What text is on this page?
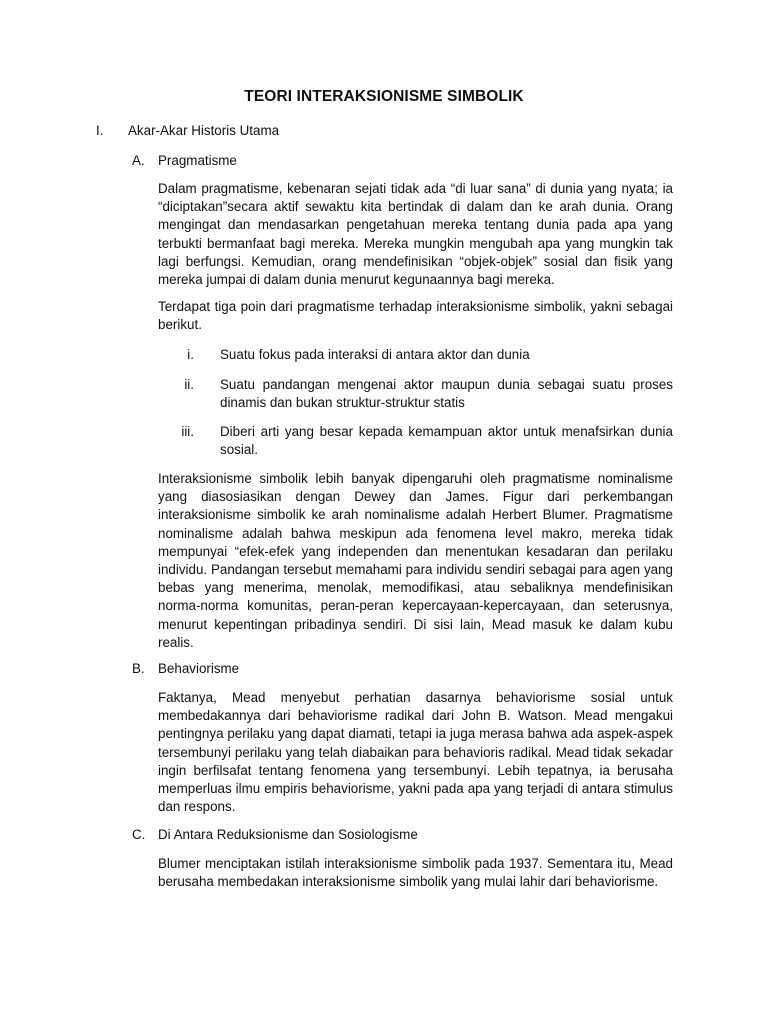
TEORI INTERAKSIONISME SIMBOLIK
I. Akar-Akar Historis Utama
A. Pragmatisme

Dalam pragmatisme, kebenaran sejati tidak ada “di luar sana” di dunia yang nyata; ia “diciptakan”secara aktif sewaktu kita bertindak di dalam dan ke arah dunia. Orang mengingat dan mendasarkan pengetahuan mereka tentang dunia pada apa yang terbukti bermanfaat bagi mereka. Mereka mungkin mengubah apa yang mungkin tak lagi berfungsi. Kemudian, orang mendefinisikan “objek-objek” sosial dan fisik yang mereka jumpai di dalam dunia menurut kegunaannya bagi mereka.

Terdapat tiga poin dari pragmatisme terhadap interaksionisme simbolik, yakni sebagai berikut.

i. Suatu fokus pada interaksi di antara aktor dan dunia
ii. Suatu pandangan mengenai aktor maupun dunia sebagai suatu proses dinamis dan bukan struktur-struktur statis
iii. Diberi arti yang besar kepada kemampuan aktor untuk menafsirkan dunia sosial.

Interaksionisme simbolik lebih banyak dipengaruhi oleh pragmatisme nominalisme yang diasosiasikan dengan Dewey dan James. Figur dari perkembangan interaksionisme simbolik ke arah nominalisme adalah Herbert Blumer. Pragmatisme nominalisme adalah bahwa meskipun ada fenomena level makro, mereka tidak mempunyai “efek-efek yang independen dan menentukan kesadaran dan perilaku individu. Pandangan tersebut memahami para individu sendiri sebagai para agen yang bebas yang menerima, menolak, memodifikasi, atau sebaliknya mendefinisikan norma-norma komunitas, peran-peran kepercayaan-kepercayaan, dan seterusnya, menurut kepentingan pribadinya sendiri. Di sisi lain, Mead masuk ke dalam kubu realis.

B. Behaviorisme

Faktanya, Mead menyebut perhatian dasarnya behaviorisme sosial untuk membedakannya dari behaviorisme radikal dari John B. Watson. Mead mengakui pentingnya perilaku yang dapat diamati, tetapi ia juga merasa bahwa ada aspek-aspek tersembunyi perilaku yang telah diabaikan para behavioris radikal. Mead tidak sekadar ingin berfilsafat tentang fenomena yang tersembunyi. Lebih tepatnya, ia berusaha memperluas ilmu empiris behaviorisme, yakni pada apa yang terjadi di antara stimulus dan respons.

C. Di Antara Reduksionisme dan Sosiologisme

Blumer menciptakan istilah interaksionisme simbolik pada 1937. Sementara itu, Mead berusaha membedakan interaksionisme simbolik yang mulai lahir dari behaviorisme.
